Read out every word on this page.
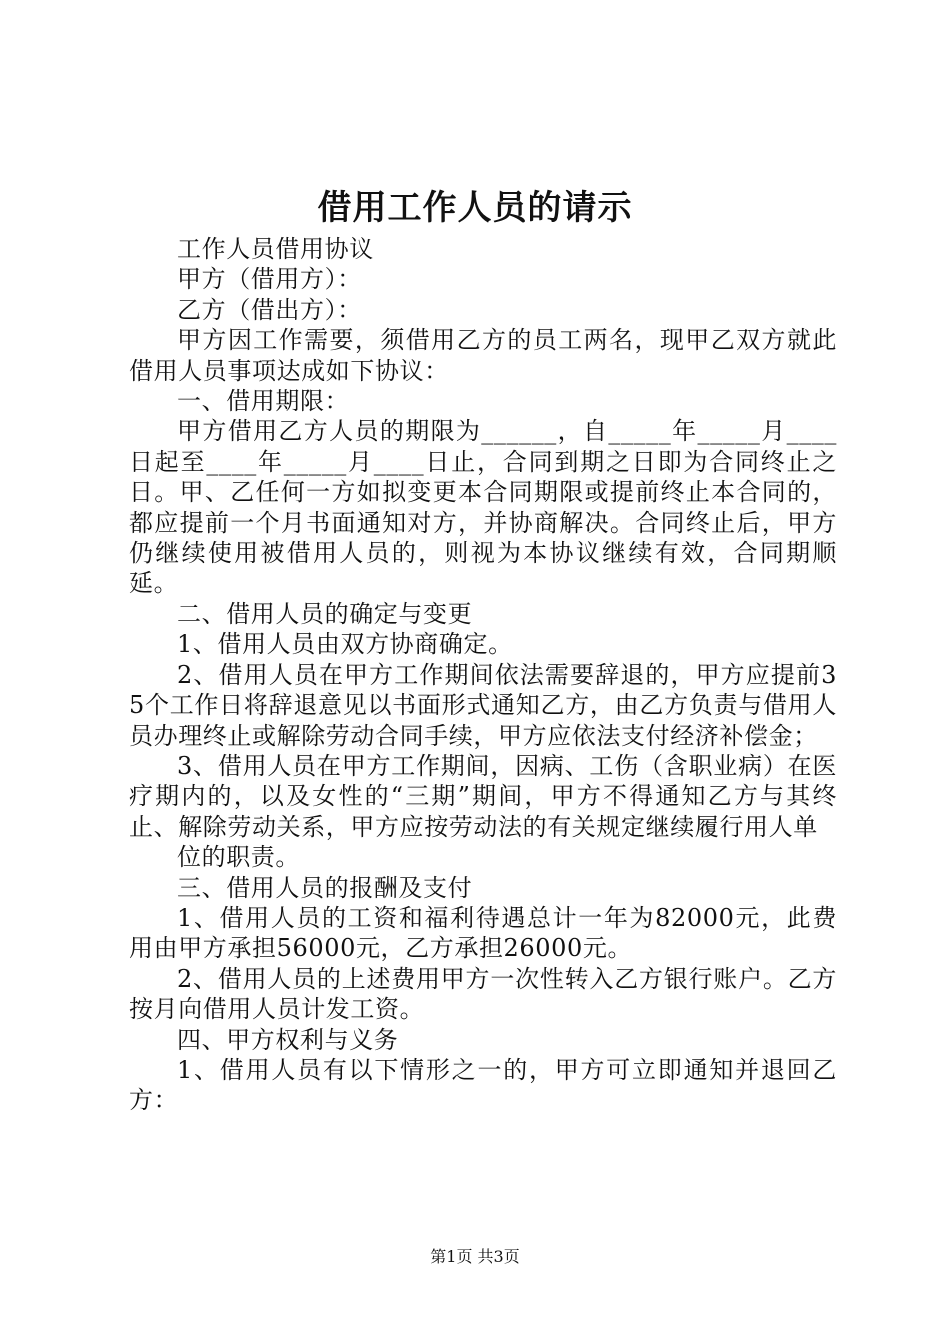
借用工作人员的请示

工作人员借用协议

甲方（借用方）：

乙方（借出方）：

甲方因工作需要，须借用乙方的员工两名，现甲乙双方就此借用人员事项达成如下协议：

一、借用期限：

甲方借用乙方人员的期限为______，自_____年_____月____日起至____年_____月____日止，合同到期之日即为合同终止之日。甲、乙任何一方如拟变更本合同期限或提前终止本合同的，都应提前一个月书面通知对方，并协商解决。合同终止后，甲方仍继续使用被借用人员的，则视为本协议继续有效，合同期顺延。

二、借用人员的确定与变更

1、借用人员由双方协商确定。

2、借用人员在甲方工作期间依法需要辞退的，甲方应提前35个工作日将辞退意见以书面形式通知乙方，由乙方负责与借用人员办理终止或解除劳动合同手续，甲方应依法支付经济补偿金；

3、借用人员在甲方工作期间，因病、工伤（含职业病）在医疗期内的，以及女性的“三期”期间，甲方不得通知乙方与其终止、解除劳动关系，甲方应按劳动法的有关规定继续履行用人单

位的职责。

三、借用人员的报酬及支付

1、借用人员的工资和福利待遇总计一年为82000元，此费用由甲方承担56000元，乙方承担26000元。

2、借用人员的上述费用甲方一次性转入乙方银行账户。乙方按月向借用人员计发工资。

四、甲方权利与义务

1、借用人员有以下情形之一的，甲方可立即通知并退回乙方：

第1页 共3页
